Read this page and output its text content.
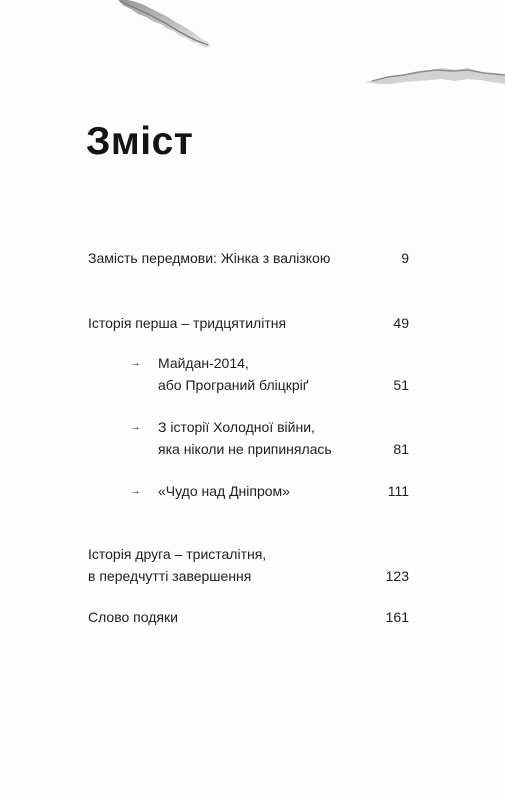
Зміст
Замість передмови: Жінка з валізкою	9
Історія перша – тридцятилітня	49
→ Майдан-2014,
або Програний бліцкріґ	51
→ З історії Холодної війни,
яка ніколи не припинялась	81
→ «Чудо над Дніпром»	111
Історія друга – тристалітня,
в передчутті завершення	123
Слово подяки	161
